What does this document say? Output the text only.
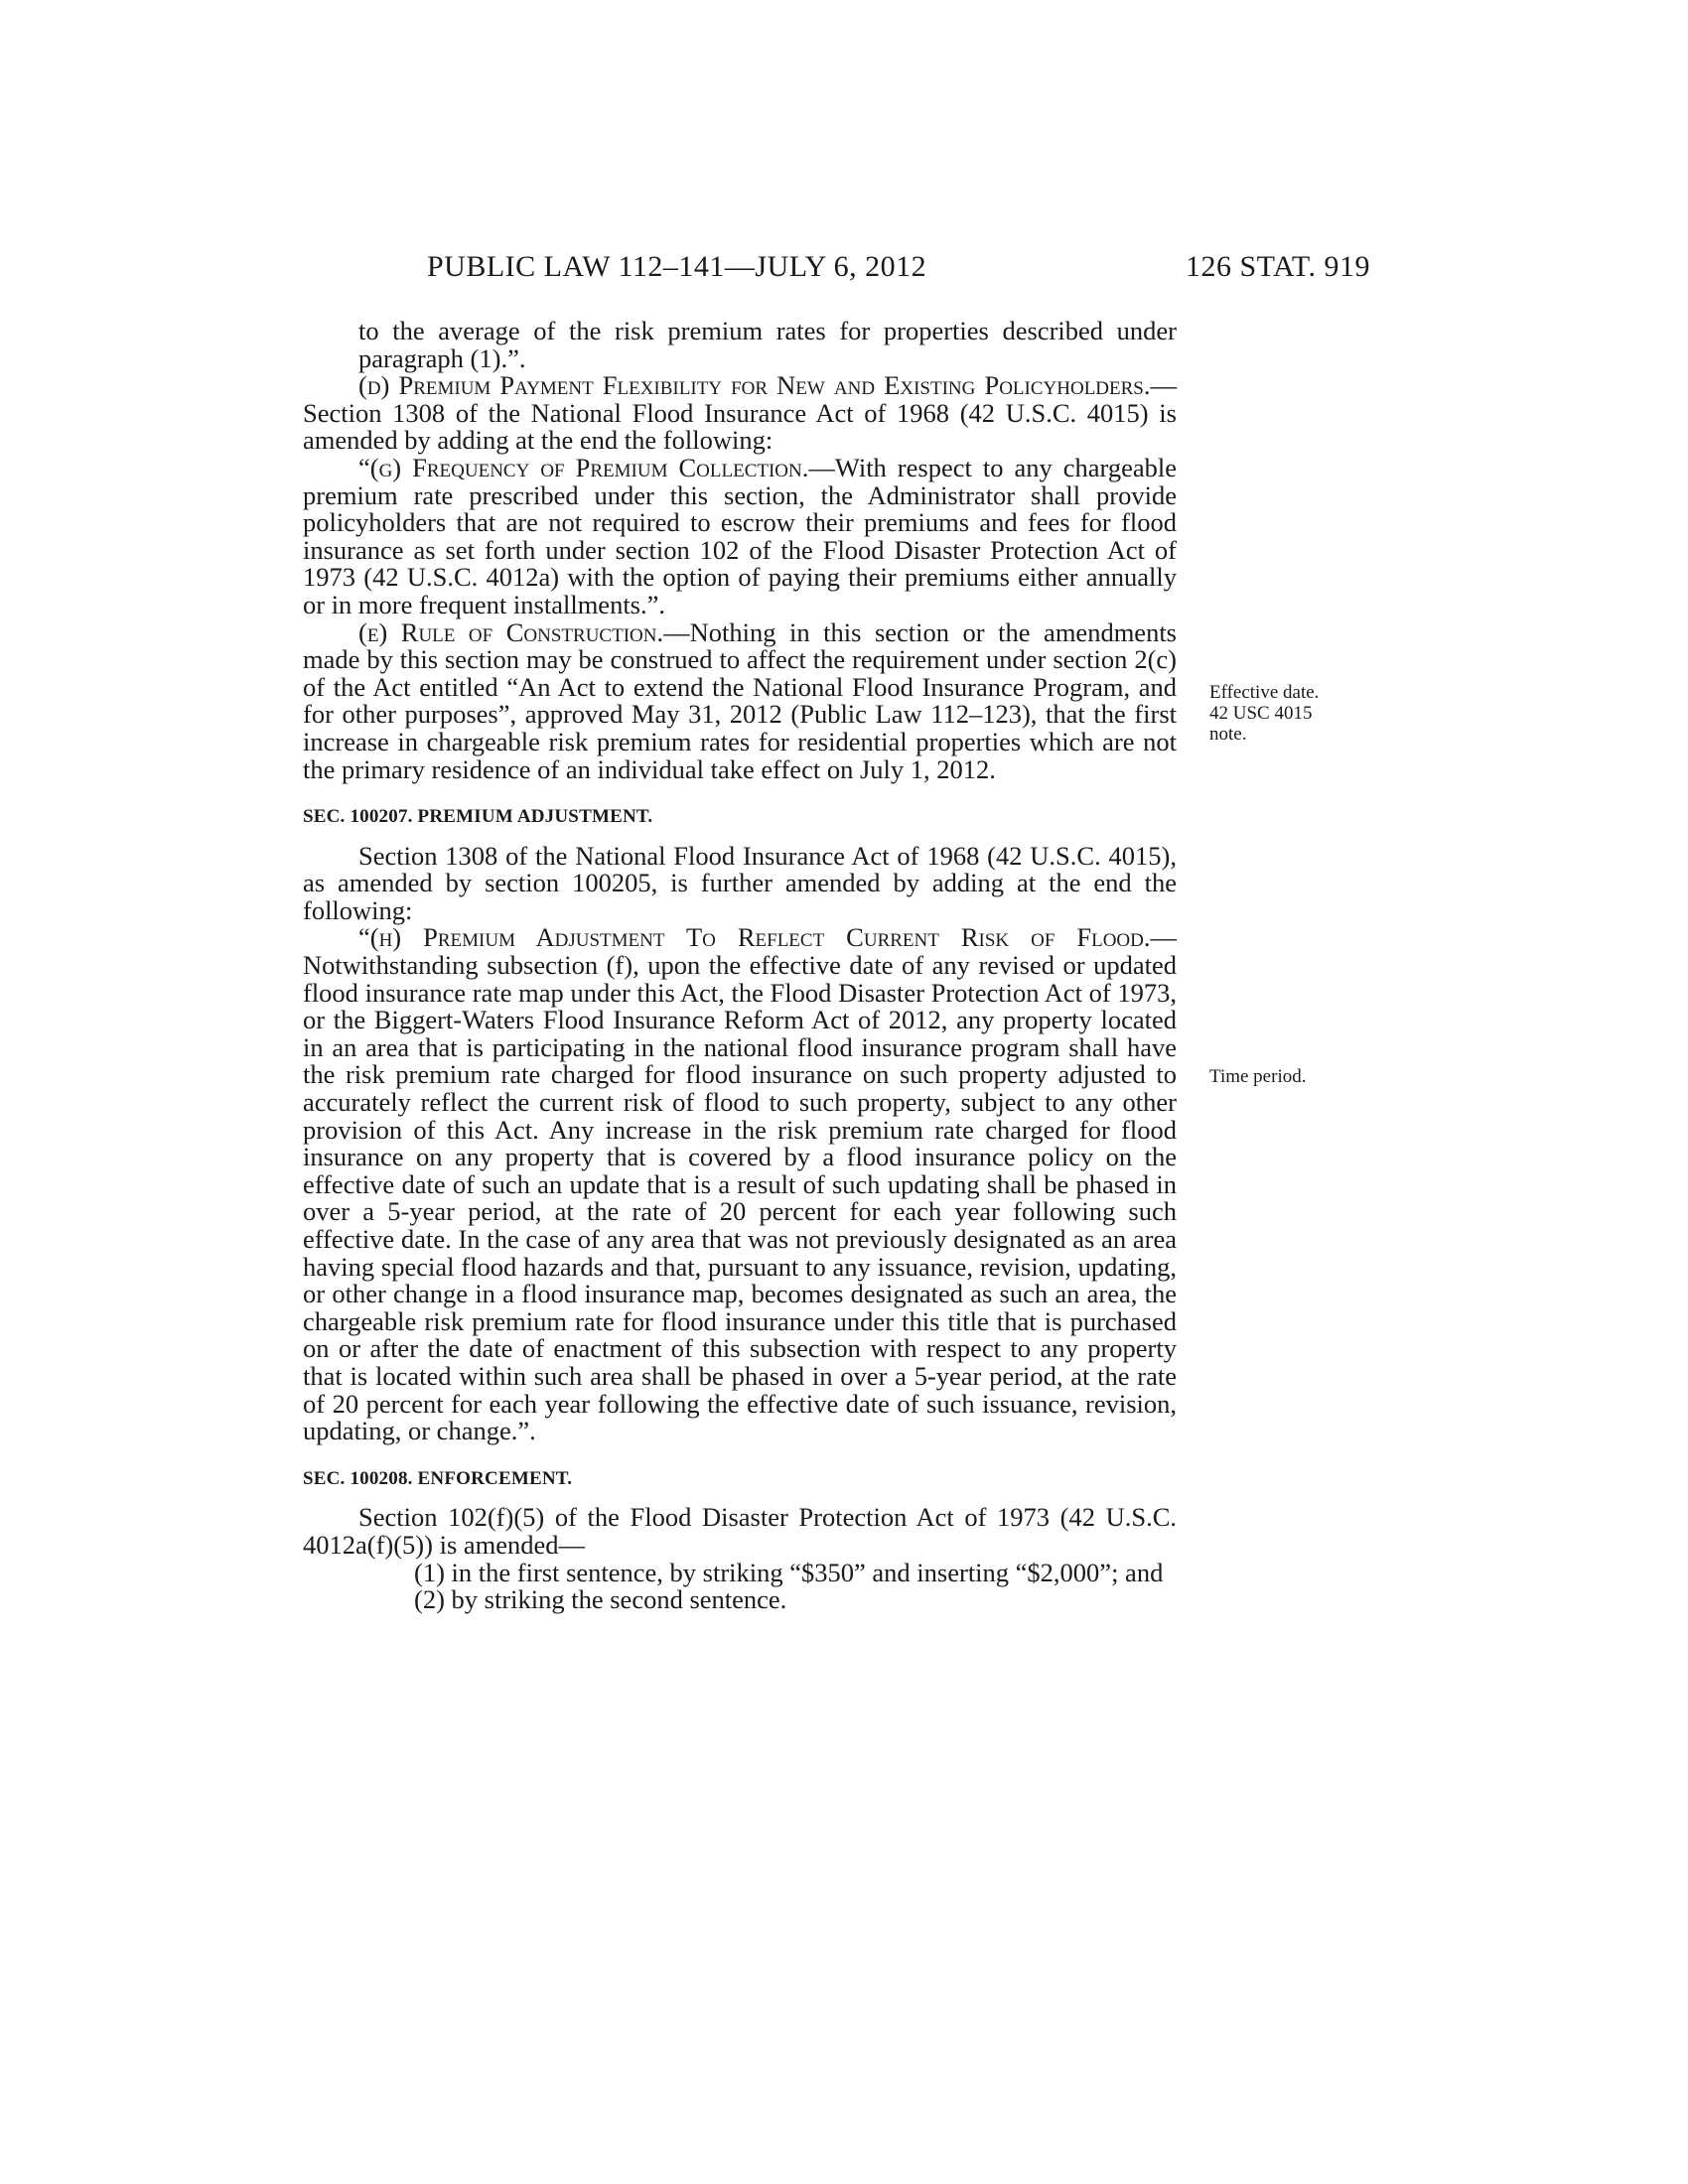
PUBLIC LAW 112–141—JULY 6, 2012	126 STAT. 919

to the average of the risk premium rates for properties described under paragraph (1).”.

(d) Premium Payment Flexibility for New and Existing Policyholders.—Section 1308 of the National Flood Insurance Act of 1968 (42 U.S.C. 4015) is amended by adding at the end the following:

“(g) Frequency of Premium Collection.—With respect to any chargeable premium rate prescribed under this section, the Administrator shall provide policyholders that are not required to escrow their premiums and fees for flood insurance as set forth under section 102 of the Flood Disaster Protection Act of 1973 (42 U.S.C. 4012a) with the option of paying their premiums either annually or in more frequent installments.”.

(e) Rule of Construction.—Nothing in this section or the amendments made by this section may be construed to affect the requirement under section 2(c) of the Act entitled “An Act to extend the National Flood Insurance Program, and for other purposes”, approved May 31, 2012 (Public Law 112–123), that the first increase in chargeable risk premium rates for residential properties which are not the primary residence of an individual take effect on July 1, 2012.

SEC. 100207. PREMIUM ADJUSTMENT.

Section 1308 of the National Flood Insurance Act of 1968 (42 U.S.C. 4015), as amended by section 100205, is further amended by adding at the end the following:

“(h) Premium Adjustment To Reflect Current Risk of Flood.—Notwithstanding subsection (f), upon the effective date of any revised or updated flood insurance rate map under this Act, the Flood Disaster Protection Act of 1973, or the Biggert-Waters Flood Insurance Reform Act of 2012, any property located in an area that is participating in the national flood insurance program shall have the risk premium rate charged for flood insurance on such property adjusted to accurately reflect the current risk of flood to such property, subject to any other provision of this Act. Any increase in the risk premium rate charged for flood insurance on any property that is covered by a flood insurance policy on the effective date of such an update that is a result of such updating shall be phased in over a 5-year period, at the rate of 20 percent for each year following such effective date. In the case of any area that was not previously designated as an area having special flood hazards and that, pursuant to any issuance, revision, updating, or other change in a flood insurance map, becomes designated as such an area, the chargeable risk premium rate for flood insurance under this title that is purchased on or after the date of enactment of this subsection with respect to any property that is located within such area shall be phased in over a 5-year period, at the rate of 20 percent for each year following the effective date of such issuance, revision, updating, or change.”.

SEC. 100208. ENFORCEMENT.

Section 102(f)(5) of the Flood Disaster Protection Act of 1973 (42 U.S.C. 4012a(f)(5)) is amended—

(1) in the first sentence, by striking “$350” and inserting “$2,000”; and

(2) by striking the second sentence.

Effective date.
42 USC 4015
note.
Time period.
